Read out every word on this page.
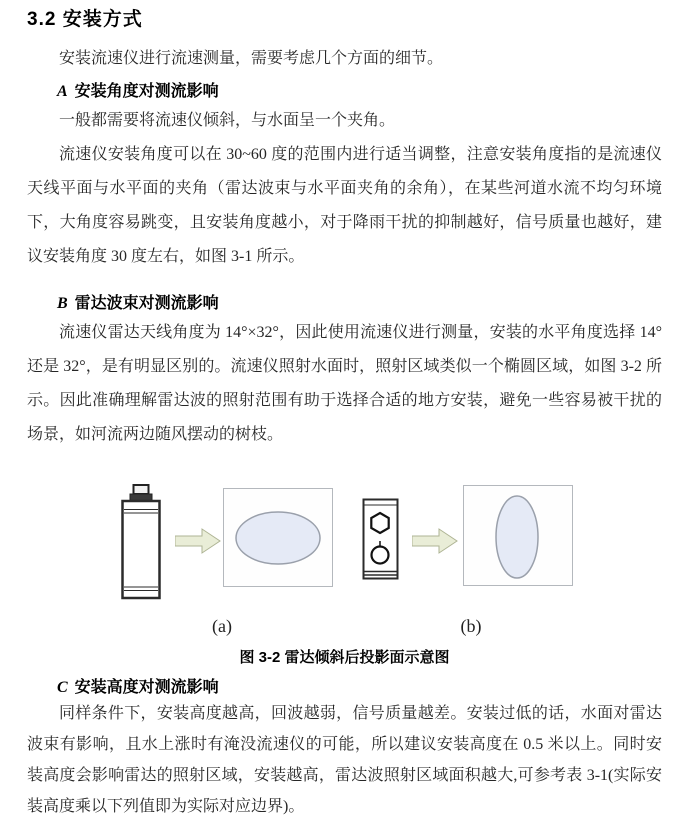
3.2 安装方式

安装流速仪进行流速测量，需要考虑几个方面的细节。

A 安装角度对测流影响

一般都需要将流速仪倾斜，与水面呈一个夹角。

流速仪安装角度可以在 30~60 度的范围内进行适当调整，注意安装角度指的是流速仪天线平面与水平面的夹角（雷达波束与水平面夹角的余角），在某些河道水流不均匀环境下，大角度容易跳变，且安装角度越小，对于降雨干扰的抑制越好，信号质量也越好，建议安装角度 30 度左右，如图 3-1 所示。

B 雷达波束对测流影响

流速仪雷达天线角度为 14°×32°，因此使用流速仪进行测量，安装的水平角度选择 14° 还是 32°，是有明显区别的。流速仪照射水面时，照射区域类似一个椭圆区域，如图 3-2 所示。因此准确理解雷达波的照射范围有助于选择合适的地方安装，避免一些容易被干扰的场景，如河流两边随风摆动的树枝。

(a)	(b)
图 3-2 雷达倾斜后投影面示意图
C 安装高度对测流影响

同样条件下，安装高度越高，回波越弱，信号质量越差。安装过低的话，水面对雷达波束有影响，且水上涨时有淹没流速仪的可能，所以建议安装高度在 0.5 米以上。同时安装高度会影响雷达的照射区域，安装越高，雷达波照射区域面积越大,可参考表 3-1(实际安装高度乘以下列值即为实际对应边界)。
